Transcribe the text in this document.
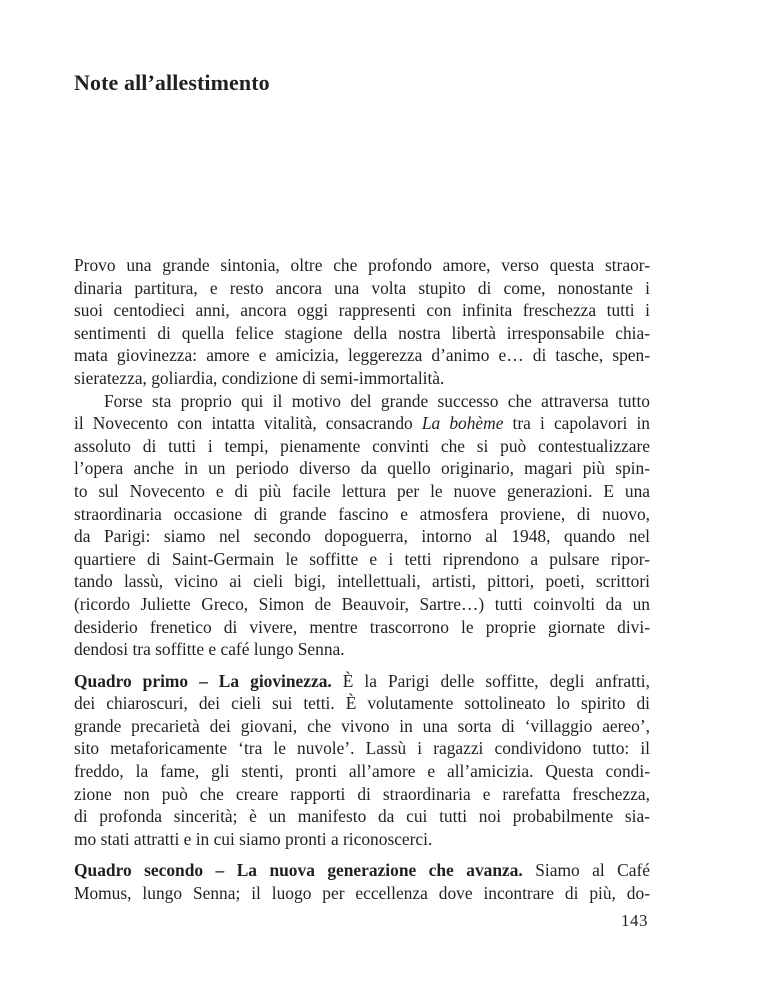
Note all’allestimento
Provo una grande sintonia, oltre che profondo amore, verso questa straor-
dinaria partitura, e resto ancora una volta stupito di come, nonostante i
suoi centodieci anni, ancora oggi rappresenti con infinita freschezza tutti i
sentimenti di quella felice stagione della nostra libertà irresponsabile chia-
mata giovinezza: amore e amicizia, leggerezza d’animo e… di tasche, spen-
sieratezza, goliardia, condizione di semi-immortalità.
Forse sta proprio qui il motivo del grande successo che attraversa tutto
il Novecento con intatta vitalità, consacrando La bohème tra i capolavori in
assoluto di tutti i tempi, pienamente convinti che si può contestualizzare
l’opera anche in un periodo diverso da quello originario, magari più spin-
to sul Novecento e di più facile lettura per le nuove generazioni. E una
straordinaria occasione di grande fascino e atmosfera proviene, di nuovo,
da Parigi: siamo nel secondo dopoguerra, intorno al 1948, quando nel
quartiere di Saint-Germain le soffitte e i tetti riprendono a pulsare ripor-
tando lassù, vicino ai cieli bigi, intellettuali, artisti, pittori, poeti, scrittori
(ricordo Juliette Greco, Simon de Beauvoir, Sartre…) tutti coinvolti da un
desiderio frenetico di vivere, mentre trascorrono le proprie giornate divi-
dendosi tra soffitte e café lungo Senna.
Quadro primo – La giovinezza. È la Parigi delle soffitte, degli anfratti,
dei chiaroscuri, dei cieli sui tetti. È volutamente sottolineato lo spirito di
grande precarietà dei giovani, che vivono in una sorta di ‘villaggio aereo’,
sito metaforicamente ‘tra le nuvole’. Lassù i ragazzi condividono tutto: il
freddo, la fame, gli stenti, pronti all’amore e all’amicizia. Questa condi-
zione non può che creare rapporti di straordinaria e rarefatta freschezza,
di profonda sincerità; è un manifesto da cui tutti noi probabilmente sia-
mo stati attratti e in cui siamo pronti a riconoscerci.
Quadro secondo – La nuova generazione che avanza. Siamo al Café
Momus, lungo Senna; il luogo per eccellenza dove incontrare di più, do-
143
